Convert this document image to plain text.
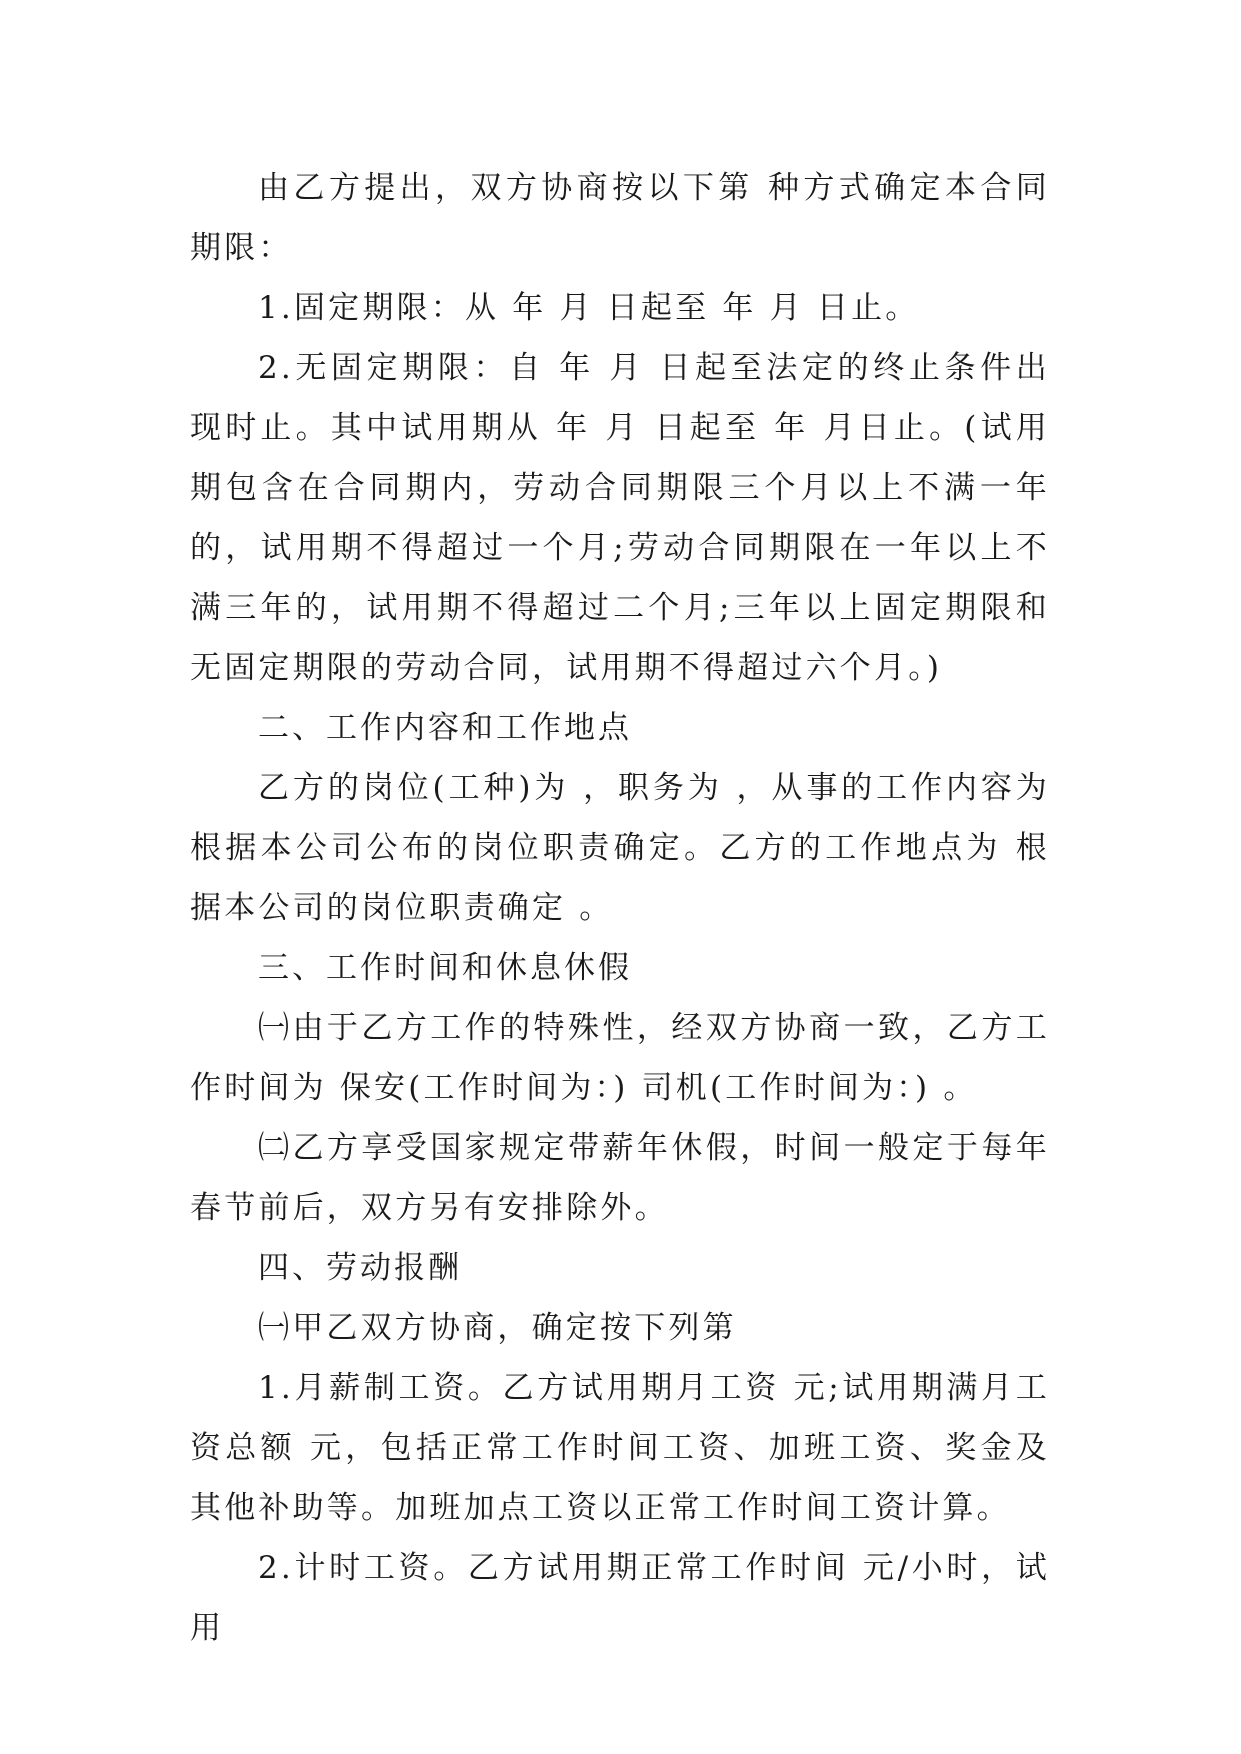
由乙方提出，双方协商按以下第 种方式确定本合同期限：

1.固定期限：从 年 月 日起至 年 月 日止。

2.无固定期限：自 年 月 日起至法定的终止条件出现时止。其中试用期从 年 月 日起至 年 月日止。(试用期包含在合同期内，劳动合同期限三个月以上不满一年的，试用期不得超过一个月;劳动合同期限在一年以上不满三年的，试用期不得超过二个月;三年以上固定期限和无固定期限的劳动合同，试用期不得超过六个月。)

二、工作内容和工作地点

乙方的岗位(工种)为 ，职务为 ，从事的工作内容为根据本公司公布的岗位职责确定。乙方的工作地点为 根据本公司的岗位职责确定 。

三、工作时间和休息休假

㈠由于乙方工作的特殊性，经双方协商一致，乙方工作时间为 保安(工作时间为：) 司机(工作时间为：) 。

㈡乙方享受国家规定带薪年休假，时间一般定于每年春节前后，双方另有安排除外。

四、劳动报酬

㈠甲乙双方协商，确定按下列第

1.月薪制工资。乙方试用期月工资 元;试用期满月工资总额 元，包括正常工作时间工资、加班工资、奖金及其他补助等。加班加点工资以正常工作时间工资计算。

2.计时工资。乙方试用期正常工作时间 元/小时，试用
